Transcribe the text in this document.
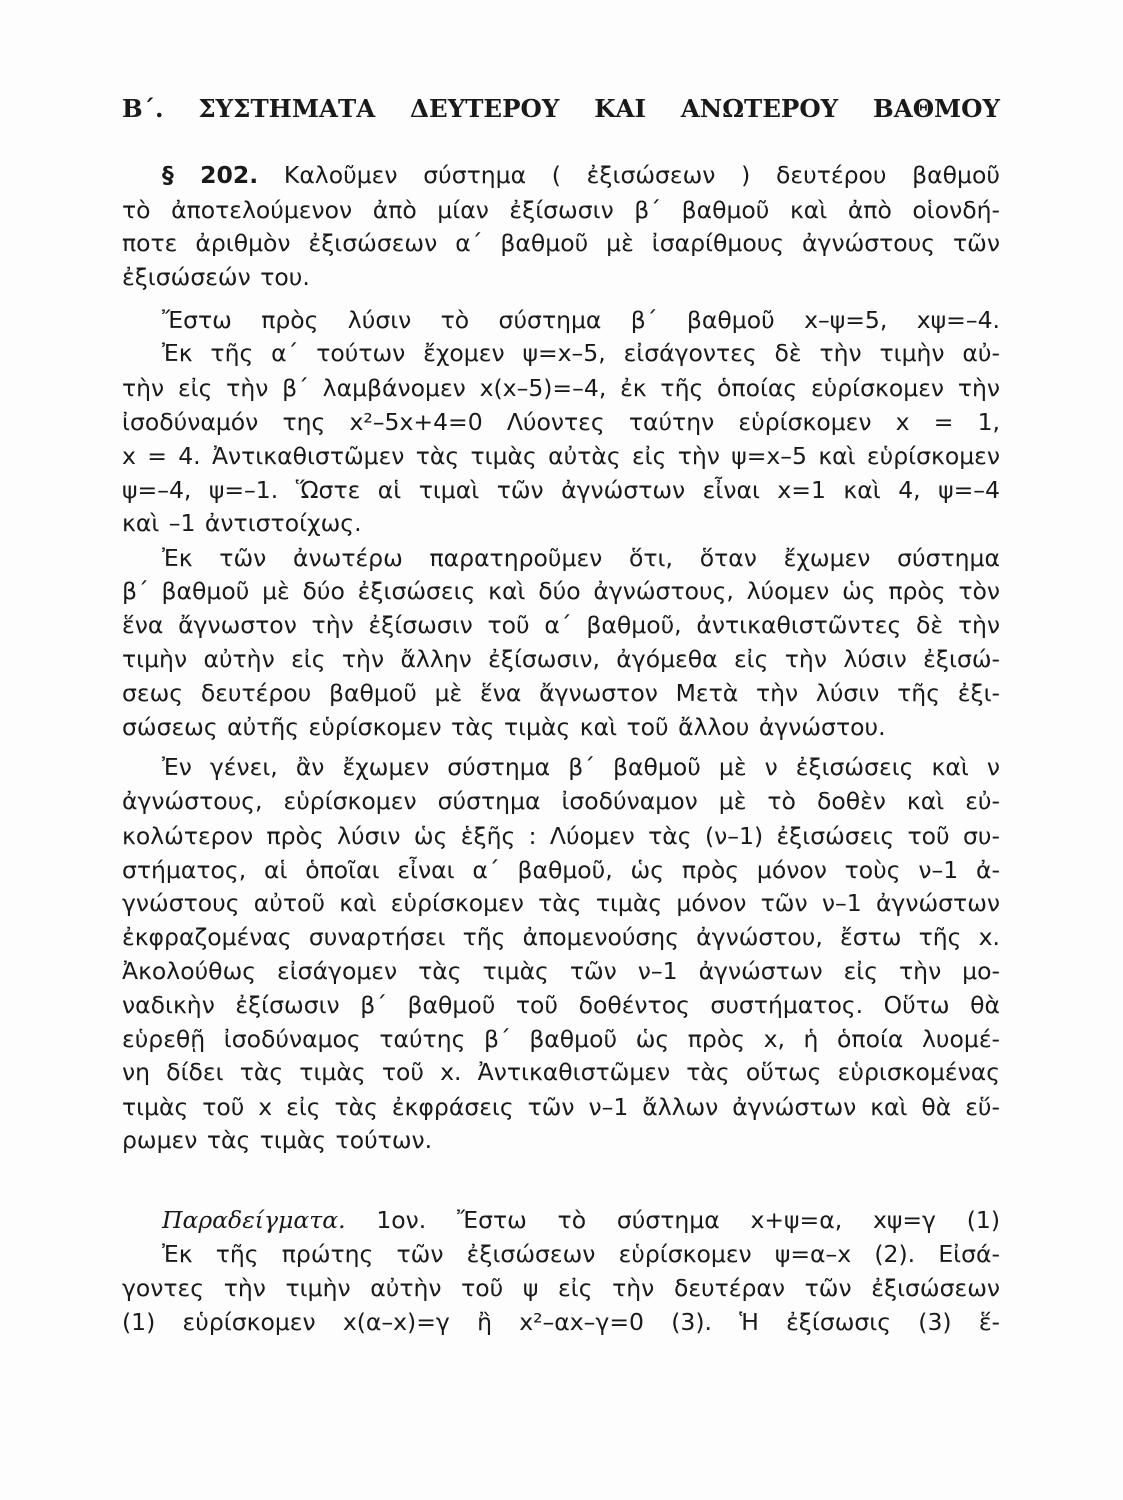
Β΄. ΣΥΣΤΗΜΑΤΑ ΔΕΥΤΕΡΟΥ ΚΑΙ ΑΝΩΤΕΡΟΥ ΒΑΘΜΟΥ
§ 202. Καλοῦμεν σύστημα ( ἐξισώσεων ) δευτέρου βαθμοῦ
τὸ ἀποτελούμενον ἀπὸ μίαν ἐξίσωσιν β΄ βαθμοῦ καὶ ἀπὸ οἱονδή-
ποτε ἀριθμὸν ἐξισώσεων α΄ βαθμοῦ μὲ ἰσαρίθμους ἀγνώστους τῶν
ἐξισώσεών του.
Ἔστω πρὸς λύσιν τὸ σύστημα β΄ βαθμοῦ x–ψ=5, xψ=–4.
Ἐκ τῆς α΄ τούτων ἔχομεν ψ=x–5, εἰσάγοντες δὲ τὴν τιμὴν αὐ-
τὴν εἰς τὴν β΄ λαμβάνομεν x(x–5)=–4, ἐκ τῆς ὁποίας εὑρίσκομεν τὴν
ἰσοδύναμόν της x²–5x+4=0 Λύοντες ταύτην εὑρίσκομεν x = 1,
x = 4. Ἀντικαθιστῶμεν τὰς τιμὰς αὐτὰς εἰς τὴν ψ=x–5 καὶ εὑρίσκομεν
ψ=–4, ψ=–1. Ὥστε αἱ τιμαὶ τῶν ἀγνώστων εἶναι x=1 καὶ 4, ψ=–4
καὶ –1 ἀντιστοίχως.
Ἐκ τῶν ἀνωτέρω παρατηροῦμεν ὅτι, ὅταν ἔχωμεν σύστημα
β΄ βαθμοῦ μὲ δύο ἐξισώσεις καὶ δύο ἀγνώστους, λύομεν ὡς πρὸς τὸν
ἕνα ἄγνωστον τὴν ἐξίσωσιν τοῦ α΄ βαθμοῦ, ἀντικαθιστῶντες δὲ τὴν
τιμὴν αὐτὴν εἰς τὴν ἄλλην ἐξίσωσιν, ἀγόμεθα εἰς τὴν λύσιν ἐξισώ-
σεως δευτέρου βαθμοῦ μὲ ἕνα ἄγνωστον Μετὰ τὴν λύσιν τῆς ἐξι-
σώσεως αὐτῆς εὑρίσκομεν τὰς τιμὰς καὶ τοῦ ἄλλου ἀγνώστου.
Ἐν γένει, ἂν ἔχωμεν σύστημα β΄ βαθμοῦ μὲ ν ἐξισώσεις καὶ ν
ἀγνώστους, εὑρίσκομεν σύστημα ἰσοδύναμον μὲ τὸ δοθὲν καὶ εὐ-
κολώτερον πρὸς λύσιν ὡς ἑξῆς : Λύομεν τὰς (ν–1) ἐξισώσεις τοῦ συ-
στήματος, αἱ ὁποῖαι εἶναι α΄ βαθμοῦ, ὡς πρὸς μόνον τοὺς ν–1 ἀ-
γνώστους αὐτοῦ καὶ εὑρίσκομεν τὰς τιμὰς μόνον τῶν ν–1 ἀγνώστων
ἐκφραζομένας συναρτήσει τῆς ἀπομενούσης ἀγνώστου, ἔστω τῆς x.
Ἀκολούθως εἰσάγομεν τὰς τιμὰς τῶν ν–1 ἀγνώστων εἰς τὴν μο-
ναδικὴν ἐξίσωσιν β΄ βαθμοῦ τοῦ δοθέντος συστήματος. Οὕτω θὰ
εὑρεθῇ ἰσοδύναμος ταύτης β΄ βαθμοῦ ὡς πρὸς x, ἡ ὁποία λυομέ-
νη δίδει τὰς τιμὰς τοῦ x. Ἀντικαθιστῶμεν τὰς οὕτως εὑρισκομένας
τιμὰς τοῦ x εἰς τὰς ἐκφράσεις τῶν ν–1 ἄλλων ἀγνώστων καὶ θὰ εὕ-
ρωμεν τὰς τιμὰς τούτων.
Παραδείγματα. 1ον. Ἔστω τὸ σύστημα x+ψ=α, xψ=γ (1)
Ἐκ τῆς πρώτης τῶν ἐξισώσεων εὑρίσκομεν ψ=α–x (2). Εἰσά-
γοντες τὴν τιμὴν αὐτὴν τοῦ ψ εἰς τὴν δευτέραν τῶν ἐξισώσεων
(1) εὑρίσκομεν x(α–x)=γ ἢ x²–αx–γ=0 (3). Ἡ ἐξίσωσις (3) ἕ-
